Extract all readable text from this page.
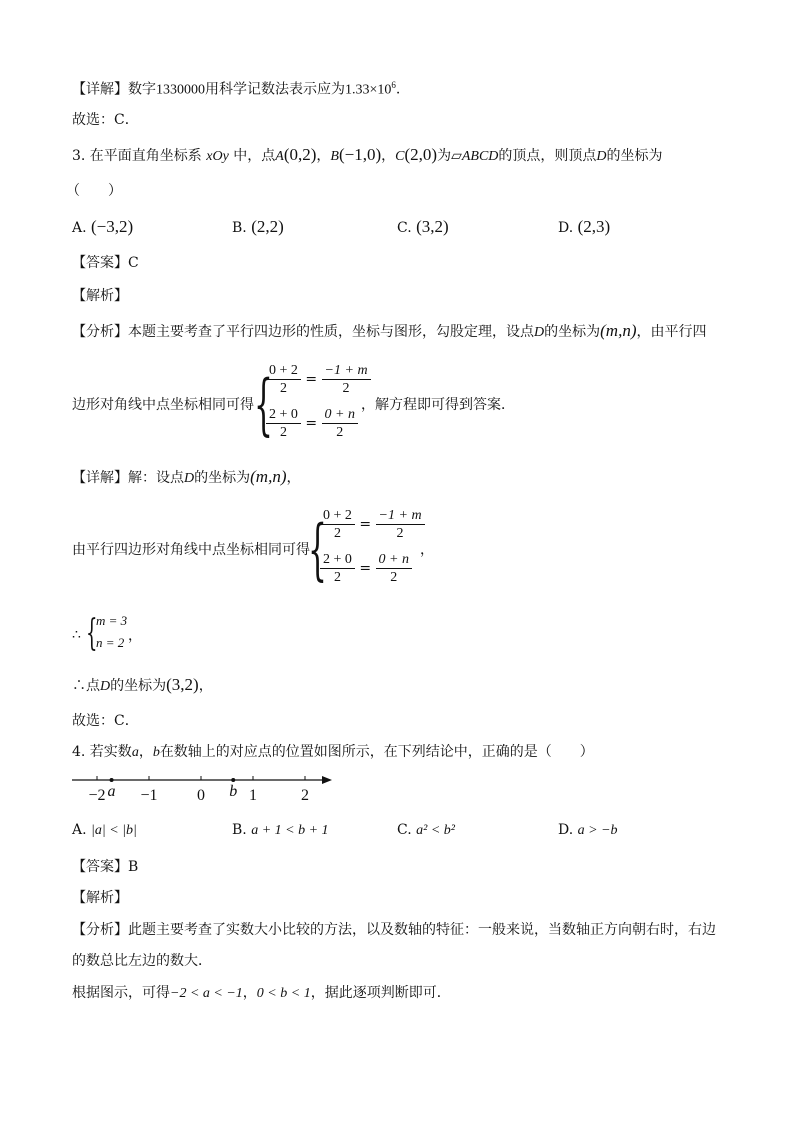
【详解】数字1330000用科学记数法表示应为$1.33\times 10^6$.
故选：C．
3. 在平面直角坐标系 xOy 中，点A(0,2)，B(−1,0)，C(2,0)为▱ABCD的顶点，则顶点D的坐标为
（　　）
A. (−3,2)	B. (2,2)	C. (3,2)	D. (2,3)
【答案】C
【解析】
【分析】本题主要考查了平行四边形的性质，坐标与图形，勾股定理，设点D的坐标为(m,n)，由平行四
边形对角线中点坐标相同可得 {
$\frac{0 + 2}{2} = \frac{-1 + m}{2}$
$\frac{2 + 0}{2} = \frac{0 + n}{2}$
，解方程即可得到答案．
【详解】解：设点D的坐标为(m,n)，
由平行四边形对角线中点坐标相同可得
{
$\frac{0 + 2}{2} = \frac{-1 + m}{2}$
$\frac{2 + 0}{2} = \frac{0 + n}{2}$
，
∴ {
m = 3
n = 2 ，
∴点D的坐标为(3,2)，
故选：C．
4. 若实数a，b在数轴上的对应点的位置如图所示，在下列结论中，正确的是（　　）
−2 −1 0	1	2
a	b
A. |a| < |b|	B. a + 1 < b + 1	C. a² < b²	D. a > −b
【答案】B
【解析】
【分析】此题主要考查了实数大小比较的方法，以及数轴的特征：一般来说，当数轴正方向朝右时，右边
的数总比左边的数大．
根据图示，可得−2 < a < −1，0 < b < 1，据此逐项判断即可．
